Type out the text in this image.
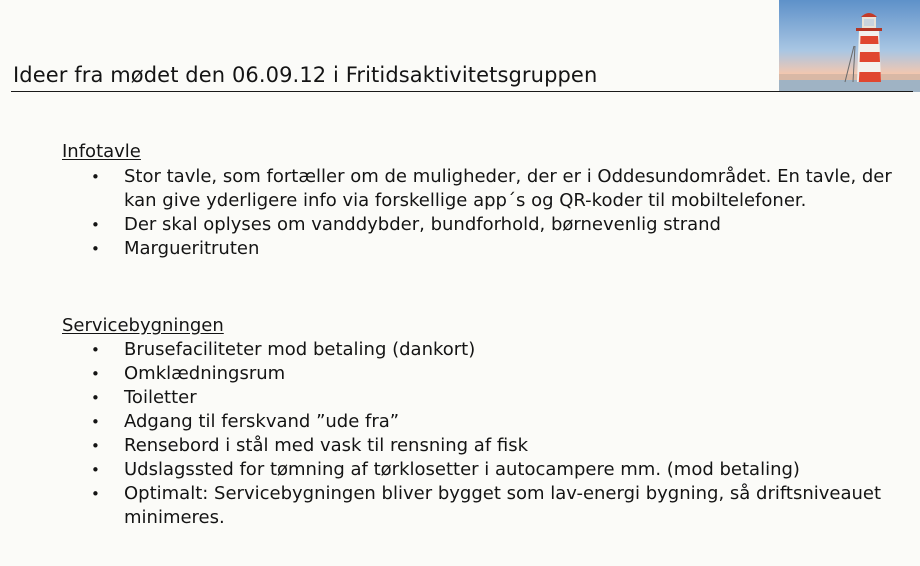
Ideer fra mødet den 06.09.12 i Fritidsaktivitetsgruppen
Infotavle
• Stor tavle, som fortæller om de muligheder, der er i Oddesundområdet. En tavle, der kan give yderligere info via forskellige app´s og QR-koder til mobiltelefoner.
• Der skal oplyses om vanddybder, bundforhold, børnevenlig strand
• Margueritruten
Servicebygningen
• Brusefaciliteter mod betaling (dankort)
• Omklædningsrum
• Toiletter
• Adgang til ferskvand ”ude fra”
• Rensebord i stål med vask til rensning af fisk
• Udslagssted for tømning af tørklosetter i autocampere mm. (mod betaling)
• Optimalt: Servicebygningen bliver bygget som lav-energi bygning, så driftsniveauet minimeres.
